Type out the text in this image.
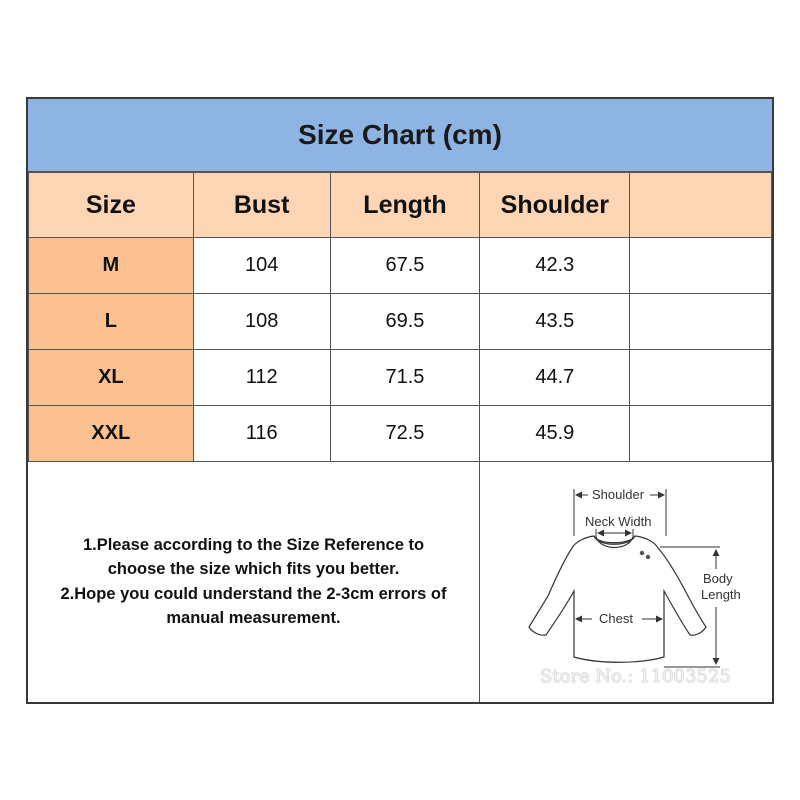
Size Chart (cm)
Size	Bust	Length	Shoulder	
M	104	67.5	42.3	
L	108	69.5	43.5	
XL	112	71.5	44.7	
XXL	116	72.5	45.9	

1.Please according to the Size Reference to
choose the size which fits you better.
2.Hope you could understand the 2-3cm errors of
manual measurement.

Shoulder
Neck Width
Chest
Body
Length
Store No.: 11003525
